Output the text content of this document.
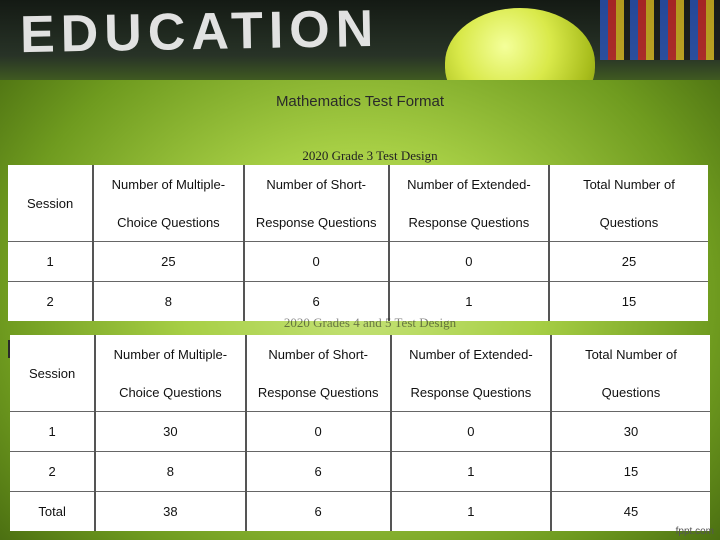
EDUCATION
Mathematics Test Format
2020 Grade 3 Test Design
Session	Number of Multiple-	Number of Short-	Number of Extended-	Total Number of
	Choice Questions	Response Questions	Response Questions	Questions
1	25	0	0	25
2	8	6	1	15
2020 Grades 4 and 5 Test Design
Session	Number of Multiple-	Number of Short-	Number of Extended-	Total Number of
	Choice Questions	Response Questions	Response Questions	Questions
1	30	0	0	30
2	8	6	1	15
Total	38	6	1	45
fppt.com
